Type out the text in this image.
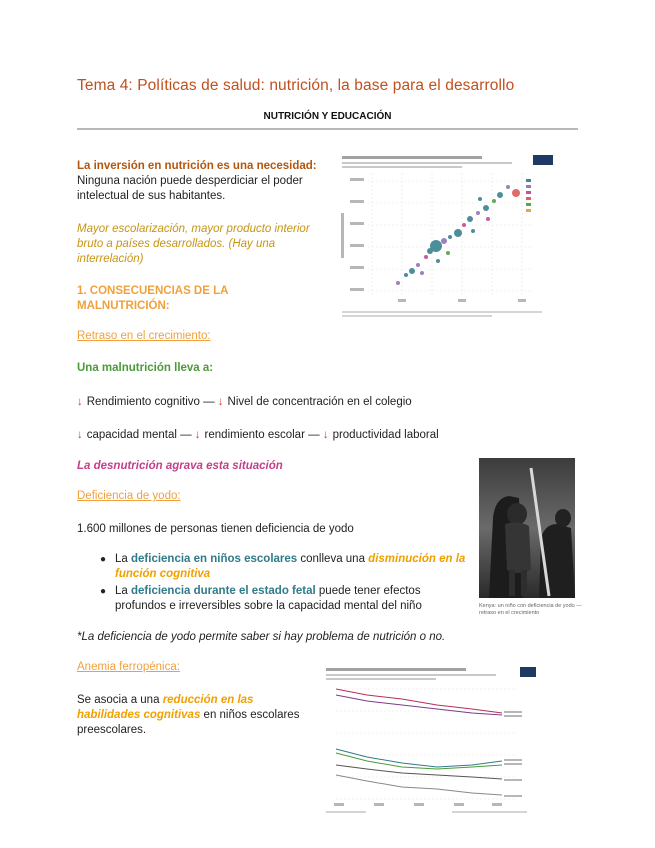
Tema 4: Políticas de salud: nutrición, la base para el desarrollo
NUTRICIÓN Y EDUCACIÓN
La inversión en nutrición es una necesidad:
Ninguna nación puede desperdiciar el poder intelectual de sus habitantes.
Mayor escolarización, mayor producto interior bruto a países desarrollados. (Hay una interrelación)
1. CONSECUENCIAS DE LA MALNUTRICIÓN:
Retraso en el crecimiento:
Una malnutrición lleva a:
↓ Rendimiento cognitivo — ↓ Nivel de concentración en el colegio
↓ capacidad mental — ↓ rendimiento escolar — ↓ productividad laboral
La desnutrición agrava esta situación
Deficiencia de yodo:
1.600 millones de personas tienen deficiencia de yodo
● La deficiencia en niños escolares conlleva una disminución en la función cognitiva
● La deficiencia durante el estado fetal puede tener efectos profundos e irreversibles sobre la capacidad mental del niño
*La deficiencia de yodo permite saber si hay problema de nutrición o no.
Anemia ferropénica:
Se asocia a una reducción en las habilidades cognitivas en niños escolares
preescolares.
Kenya: un niño con deficiencia de yodo — retraso en el crecimiento
